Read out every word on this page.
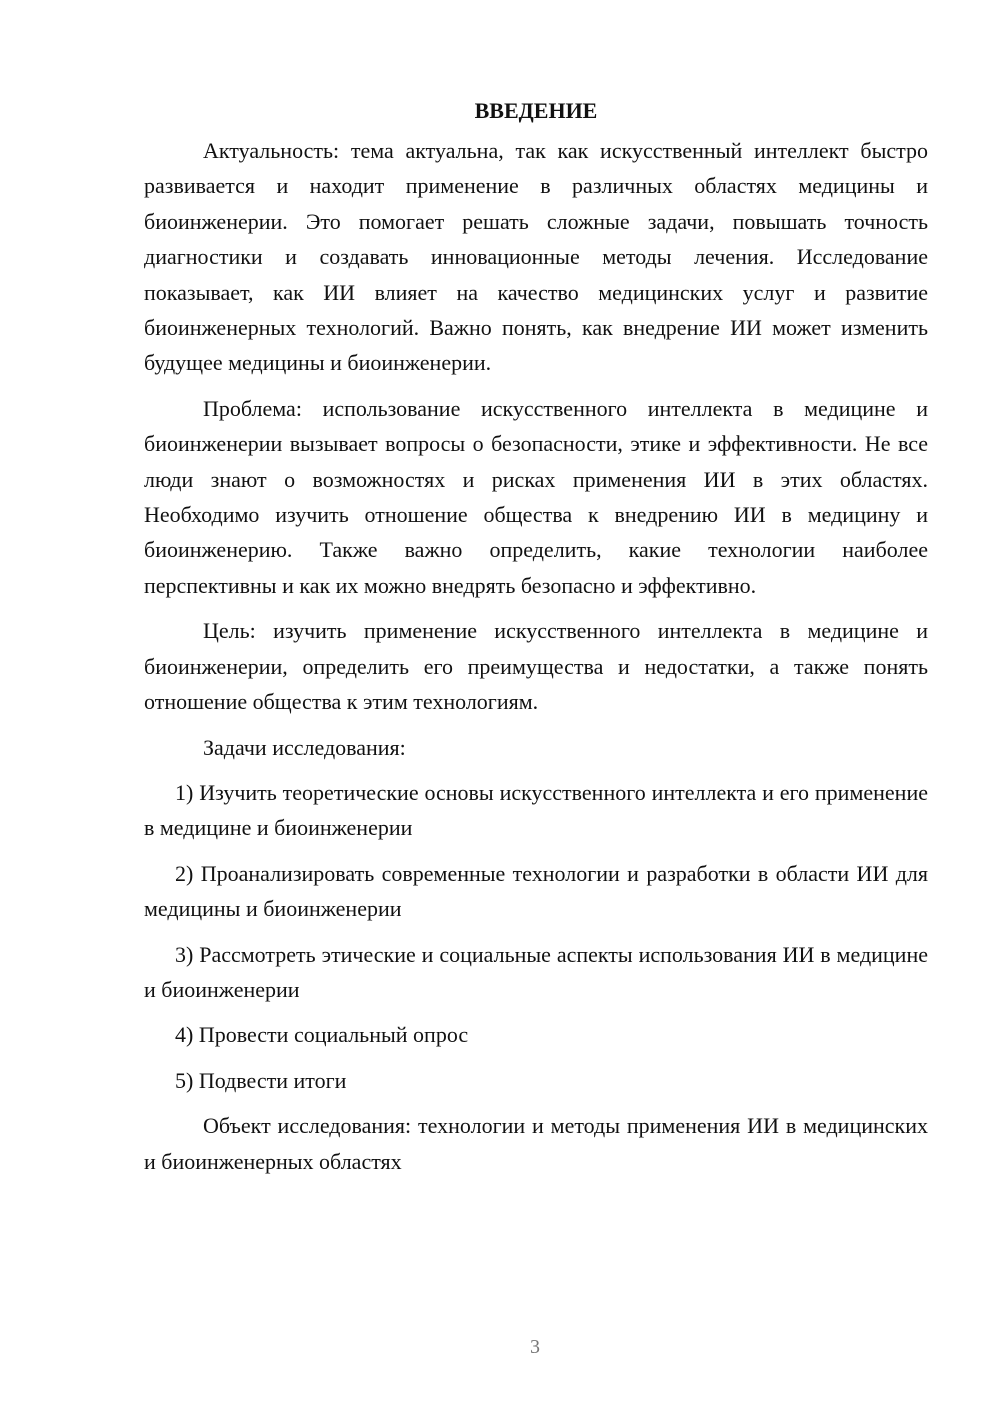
ВВЕДЕНИЕ

Актуальность: тема актуальна, так как искусственный интеллект быстро развивается и находит применение в различных областях медицины и биоинженерии. Это помогает решать сложные задачи, повышать точность диагностики и создавать инновационные методы лечения. Исследование показывает, как ИИ влияет на качество медицинских услуг и развитие биоинженерных технологий. Важно понять, как внедрение ИИ может изменить будущее медицины и биоинженерии.

Проблема: использование искусственного интеллекта в медицине и биоинженерии вызывает вопросы о безопасности, этике и эффективности. Не все люди знают о возможностях и рисках применения ИИ в этих областях. Необходимо изучить отношение общества к внедрению ИИ в медицину и биоинженерию. Также важно определить, какие технологии наиболее перспективны и как их можно внедрять безопасно и эффективно.

Цель: изучить применение искусственного интеллекта в медицине и биоинженерии, определить его преимущества и недостатки, а также понять отношение общества к этим технологиям.

Задачи исследования:

1) Изучить теоретические основы искусственного интеллекта и его применение в медицине и биоинженерии

2) Проанализировать современные технологии и разработки в области ИИ для медицины и биоинженерии

3) Рассмотреть этические и социальные аспекты использования ИИ в медицине и биоинженерии

4) Провести социальный опрос

5) Подвести итоги

Объект исследования: технологии и методы применения ИИ в медицинских и биоинженерных областях

3
